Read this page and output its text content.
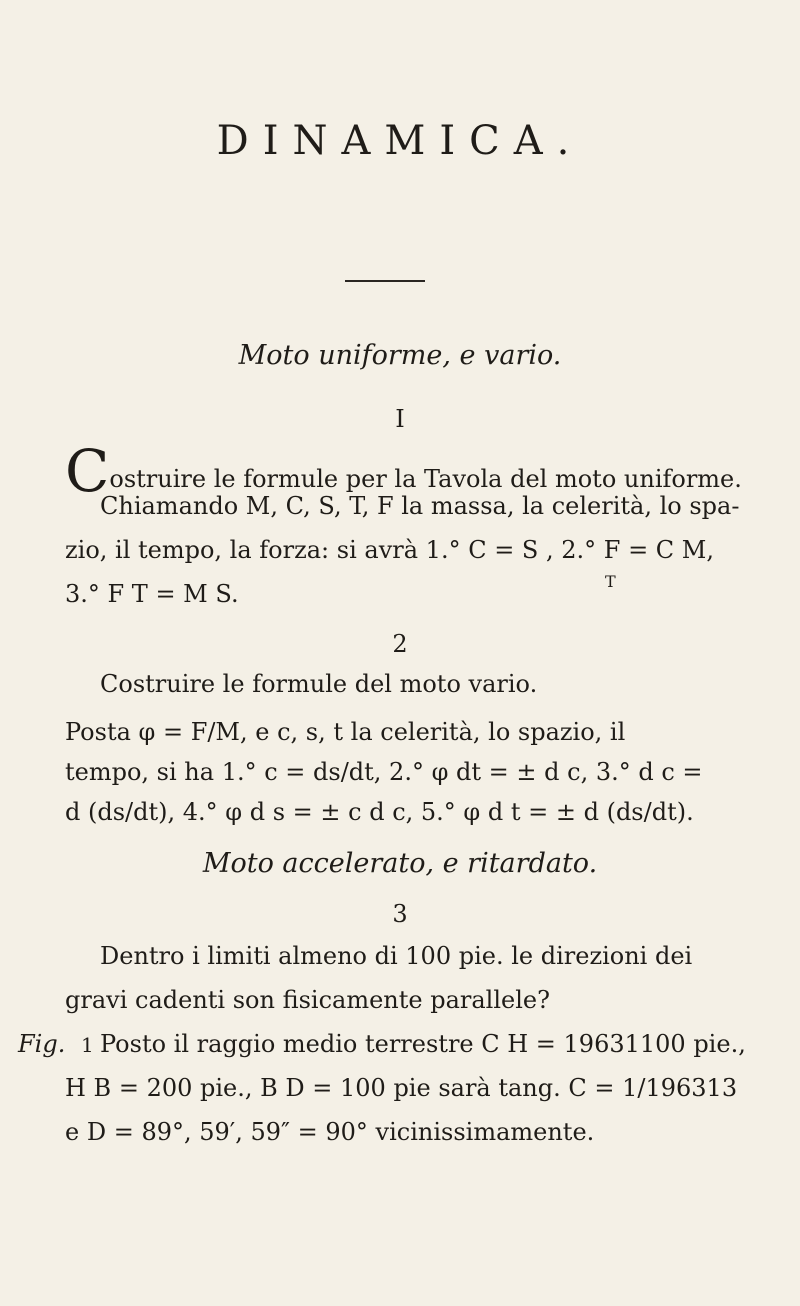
DINAMICA.
Moto uniforme, e vario.
I
Costruire le formule per la Tavola del moto uniforme.
Chiamando M, C, S, T, F la massa, la celerità, lo spa-
zio, il tempo, la forza: si avrà 1.° C = S , 2.° F = C M,
3.° F T = M S.	T
2
Costruire le formule del moto vario.
Posta φ = F/M, e c, s, t la celerità, lo spazio, il
tempo, si ha 1.° c = ds/dt, 2.° φ dt = ± d c, 3.° d c =
d (ds/dt), 4.° φ d s = ± c d c, 5.° φ d t = ± d (ds/dt).
Moto accelerato, e ritardato.
3
Dentro i limiti almeno di 100 pie. le direzioni dei
gravi cadenti son fisicamente parallele?
Fig. 1 Posto il raggio medio terrestre C H = 19631100 pie.,
H B = 200 pie., B D = 100 pie sarà tang. C = 1/196313
e D = 89°, 59′, 59″ = 90° vicinissimamente.
